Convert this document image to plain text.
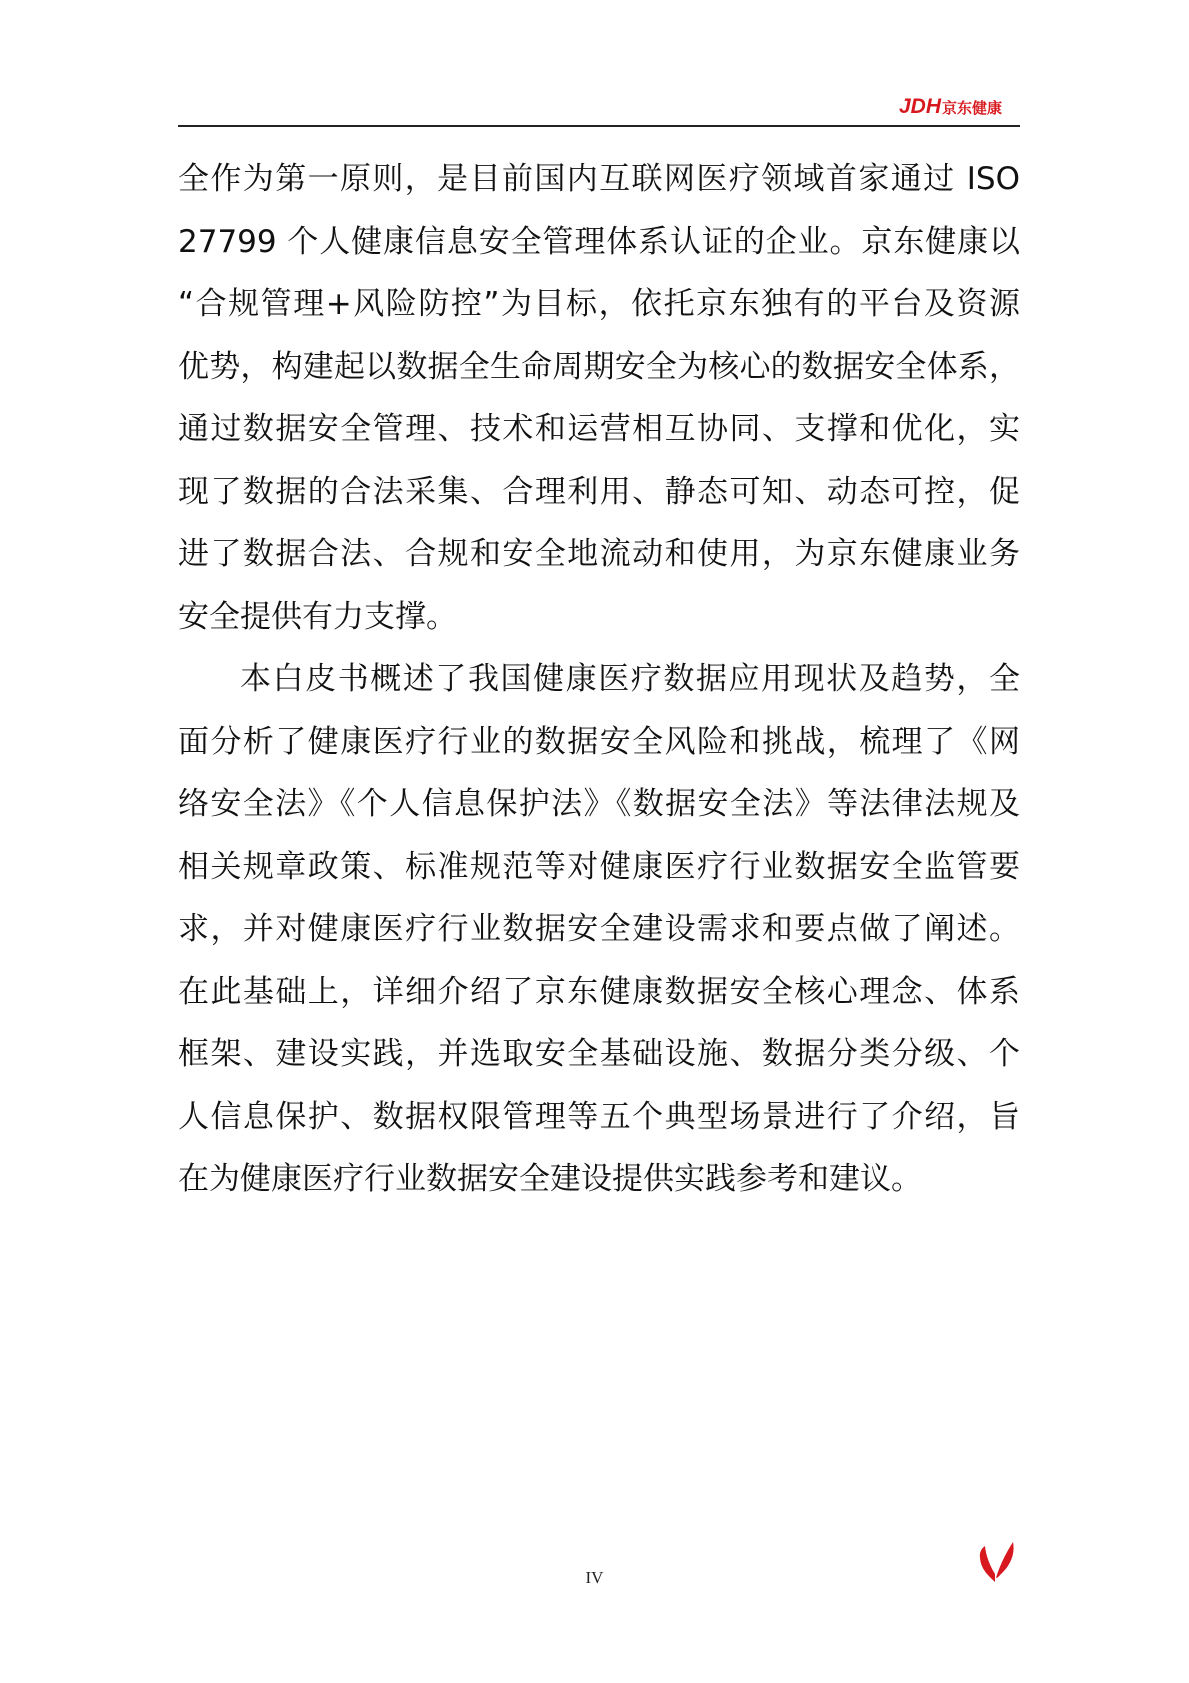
JDH 京东健康
全作为第一原则，是目前国内互联网医疗领域首家通过 ISO
27799 个人健康信息安全管理体系认证的企业。京东健康以
“合规管理+风险防控”为目标，依托京东独有的平台及资源
优势，构建起以数据全生命周期安全为核心的数据安全体系，
通过数据安全管理、技术和运营相互协同、支撑和优化，实
现了数据的合法采集、合理利用、静态可知、动态可控，促
进了数据合法、合规和安全地流动和使用，为京东健康业务
安全提供有力支撑。
本白皮书概述了我国健康医疗数据应用现状及趋势，全
面分析了健康医疗行业的数据安全风险和挑战，梳理了《网
络安全法》《个人信息保护法》《数据安全法》等法律法规及
相关规章政策、标准规范等对健康医疗行业数据安全监管要
求，并对健康医疗行业数据安全建设需求和要点做了阐述。
在此基础上，详细介绍了京东健康数据安全核心理念、体系
框架、建设实践，并选取安全基础设施、数据分类分级、个
人信息保护、数据权限管理等五个典型场景进行了介绍，旨
在为健康医疗行业数据安全建设提供实践参考和建议。
IV
